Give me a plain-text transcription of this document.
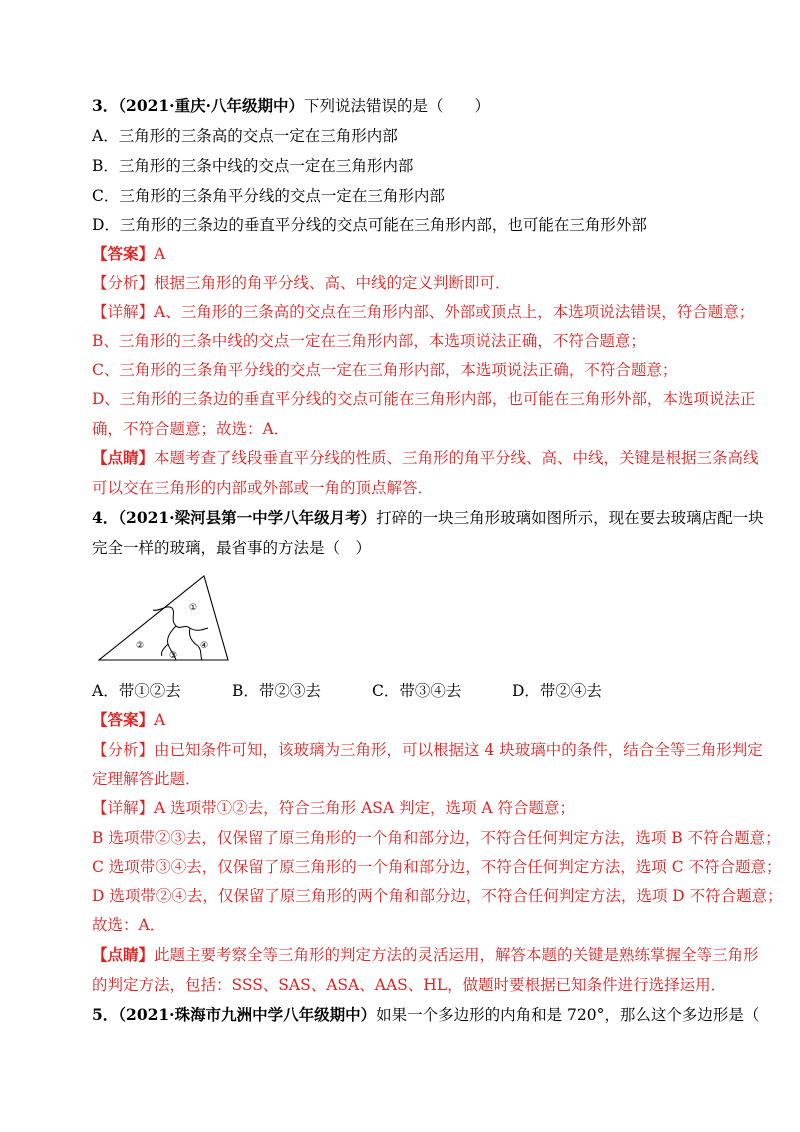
3．（2021·重庆·八年级期中）下列说法错误的是（　　）
A．三角形的三条高的交点一定在三角形内部
B．三角形的三条中线的交点一定在三角形内部
C．三角形的三条角平分线的交点一定在三角形内部
D．三角形的三条边的垂直平分线的交点可能在三角形内部，也可能在三角形外部
【答案】A
【分析】根据三角形的角平分线、高、中线的定义判断即可．
【详解】A、三角形的三条高的交点在三角形内部、外部或顶点上，本选项说法错误，符合题意；
B、三角形的三条中线的交点一定在三角形内部，本选项说法正确，不符合题意；
C、三角形的三条角平分线的交点一定在三角形内部，本选项说法正确，不符合题意；
D、三角形的三条边的垂直平分线的交点可能在三角形内部，也可能在三角形外部，本选项说法正
确，不符合题意；故选：A．
【点睛】本题考查了线段垂直平分线的性质、三角形的角平分线、高、中线，关键是根据三条高线
可以交在三角形的内部或外部或一角的顶点解答．
4．（2021·梁河县第一中学八年级月考）打碎的一块三角形玻璃如图所示，现在要去玻璃店配一块
完全一样的玻璃，最省事的方法是（　）
①
②
③
④
A．带①②去	B．带②③去	C．带③④去	D．带②④去
【答案】A
【分析】由已知条件可知，该玻璃为三角形，可以根据这 4 块玻璃中的条件，结合全等三角形判定
定理解答此题．
【详解】A 选项带①②去，符合三角形 ASA 判定，选项 A 符合题意；
B 选项带②③去，仅保留了原三角形的一个角和部分边，不符合任何判定方法，选项 B 不符合题意；
C 选项带③④去，仅保留了原三角形的一个角和部分边，不符合任何判定方法，选项 C 不符合题意；
D 选项带②④去，仅保留了原三角形的两个角和部分边，不符合任何判定方法，选项 D 不符合题意；
故选：A．
【点睛】此题主要考察全等三角形的判定方法的灵活运用，解答本题的关键是熟练掌握全等三角形
的判定方法，包括：SSS、SAS、ASA、AAS、HL，做题时要根据已知条件进行选择运用．
5．（2021·珠海市九洲中学八年级期中）如果一个多边形的内角和是 720°，那么这个多边形是（
